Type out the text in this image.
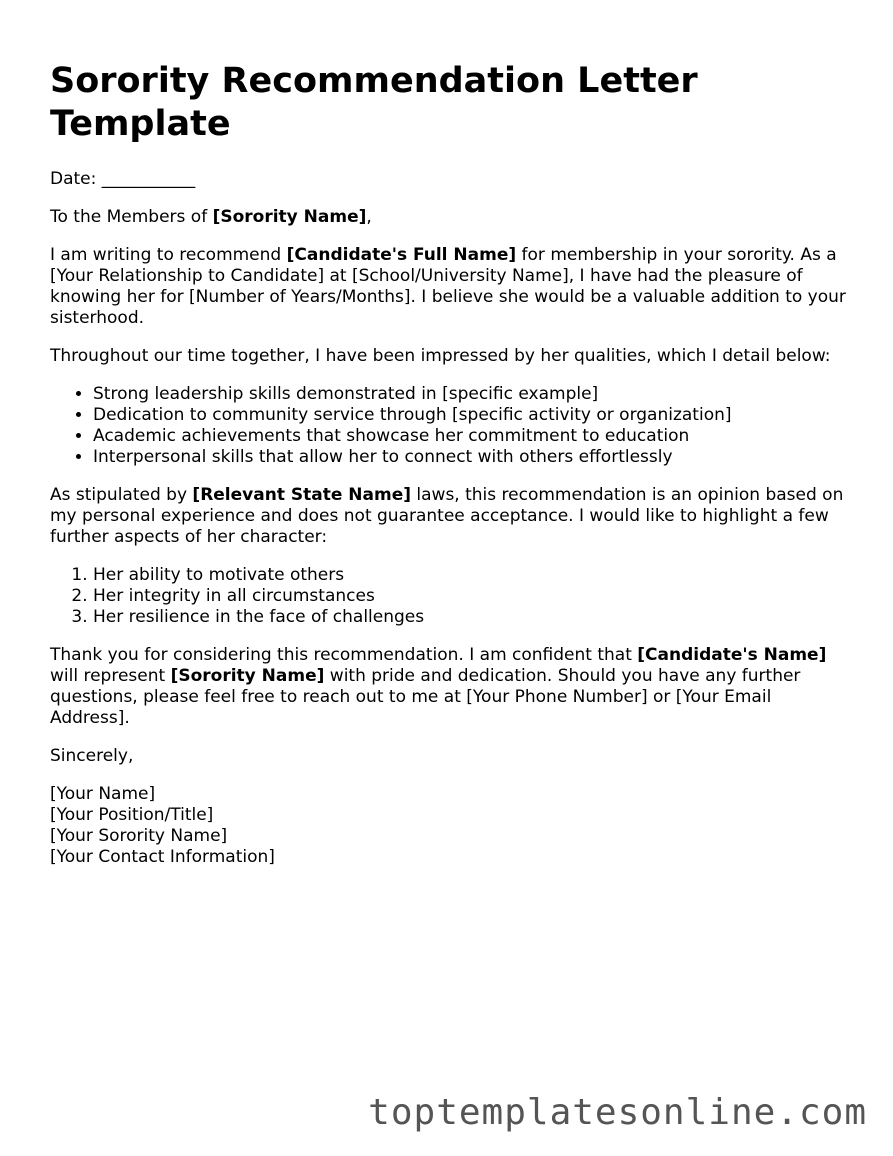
Sorority Recommendation Letter Template

Date: ___________

To the Members of [Sorority Name],

I am writing to recommend [Candidate's Full Name] for membership in your sorority. As a [Your Relationship to Candidate] at [School/University Name], I have had the pleasure of knowing her for [Number of Years/Months]. I believe she would be a valuable addition to your sisterhood.

Throughout our time together, I have been impressed by her qualities, which I detail below:

• Strong leadership skills demonstrated in [specific example]
• Dedication to community service through [specific activity or organization]
• Academic achievements that showcase her commitment to education
• Interpersonal skills that allow her to connect with others effortlessly

As stipulated by [Relevant State Name] laws, this recommendation is an opinion based on my personal experience and does not guarantee acceptance. I would like to highlight a few further aspects of her character:

1. Her ability to motivate others
2. Her integrity in all circumstances
3. Her resilience in the face of challenges

Thank you for considering this recommendation. I am confident that [Candidate's Name] will represent [Sorority Name] with pride and dedication. Should you have any further questions, please feel free to reach out to me at [Your Phone Number] or [Your Email Address].

Sincerely,

[Your Name]
[Your Position/Title]
[Your Sorority Name]
[Your Contact Information]

toptemplatesonline.com
